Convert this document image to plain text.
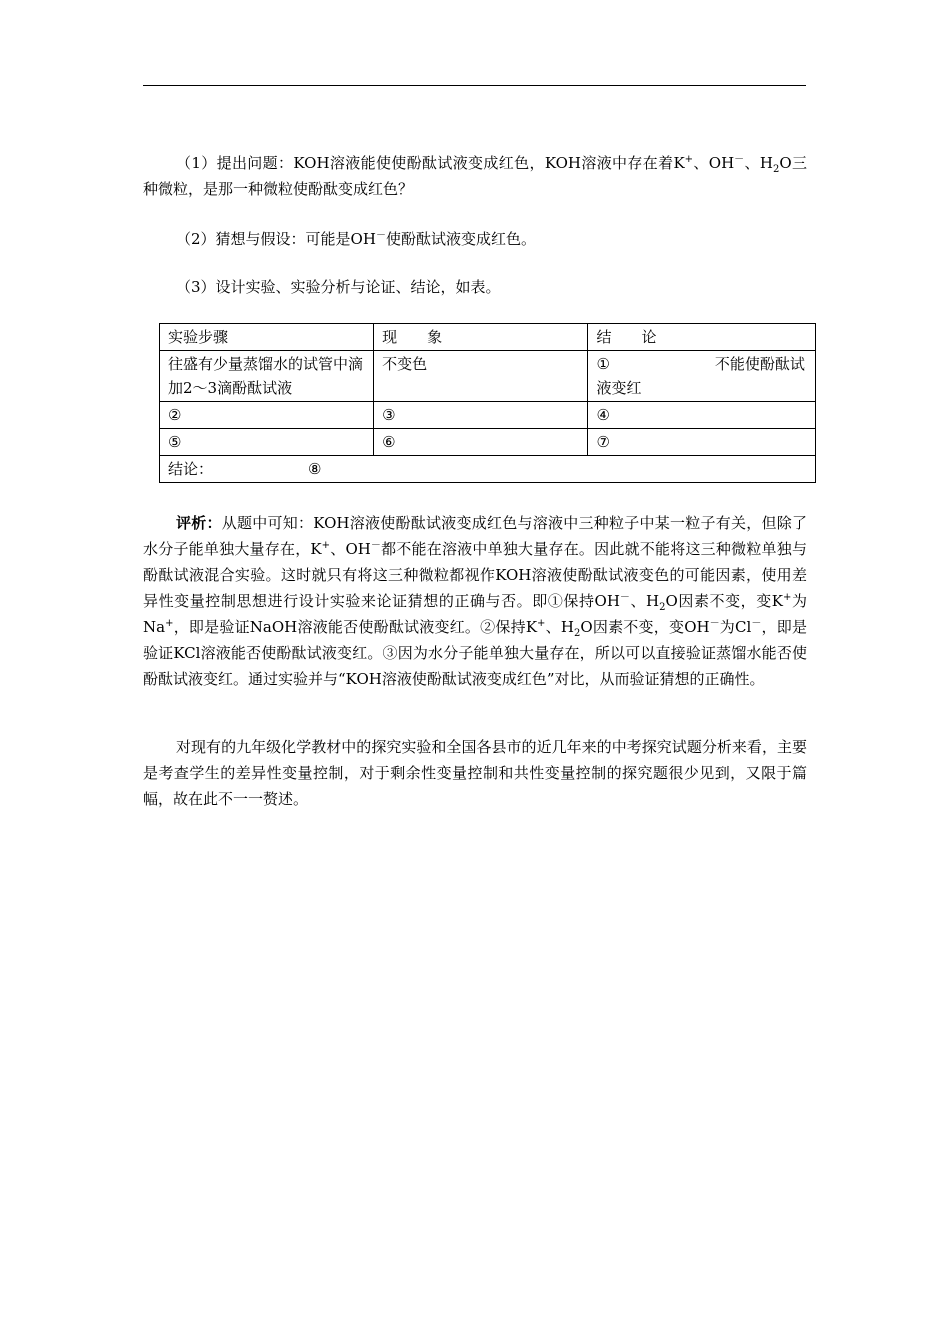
（1）提出问题：KOH溶液能使使酚酞试液变成红色，KOH溶液中存在着K+、OH－、$H_2O$三种微粒，是那一种微粒使酚酞变成红色？

（2）猜想与假设：可能是OH－使酚酞试液变成红色。

（3）设计实验、实验分析与论证、结论，如表。

实验步骤	现　　象	结　　论
往盛有少量蒸馏水的试管中滴加2～3滴酚酞试液	不变色	① 不能使酚酞试液变红
②	③	④
⑤	⑥	⑦
结论： ⑧		

评析：从题中可知：KOH溶液使酚酞试液变成红色与溶液中三种粒子中某一粒子有关，但除了水分子能单独大量存在，K+、OH－都不能在溶液中单独大量存在。因此就不能将这三种微粒单独与酚酞试液混合实验。这时就只有将这三种微粒都视作KOH溶液使酚酞试液变色的可能因素，使用差异性变量控制思想进行设计实验来论证猜想的正确与否。即①保持OH－、$H_2O$因素不变，变K+为Na+，即是验证NaOH溶液能否使酚酞试液变红。②保持K+、$H_2O$因素不变，变OH－为Cl－，即是验证KCl溶液能否使酚酞试液变红。③因为水分子能单独大量存在，所以可以直接验证蒸馏水能否使酚酞试液变红。通过实验并与“KOH溶液使酚酞试液变成红色”对比，从而验证猜想的正确性。

对现有的九年级化学教材中的探究实验和全国各县市的近几年来的中考探究试题分析来看，主要是考查学生的差异性变量控制，对于剩余性变量控制和共性变量控制的探究题很少见到，又限于篇幅，故在此不一一赘述。
